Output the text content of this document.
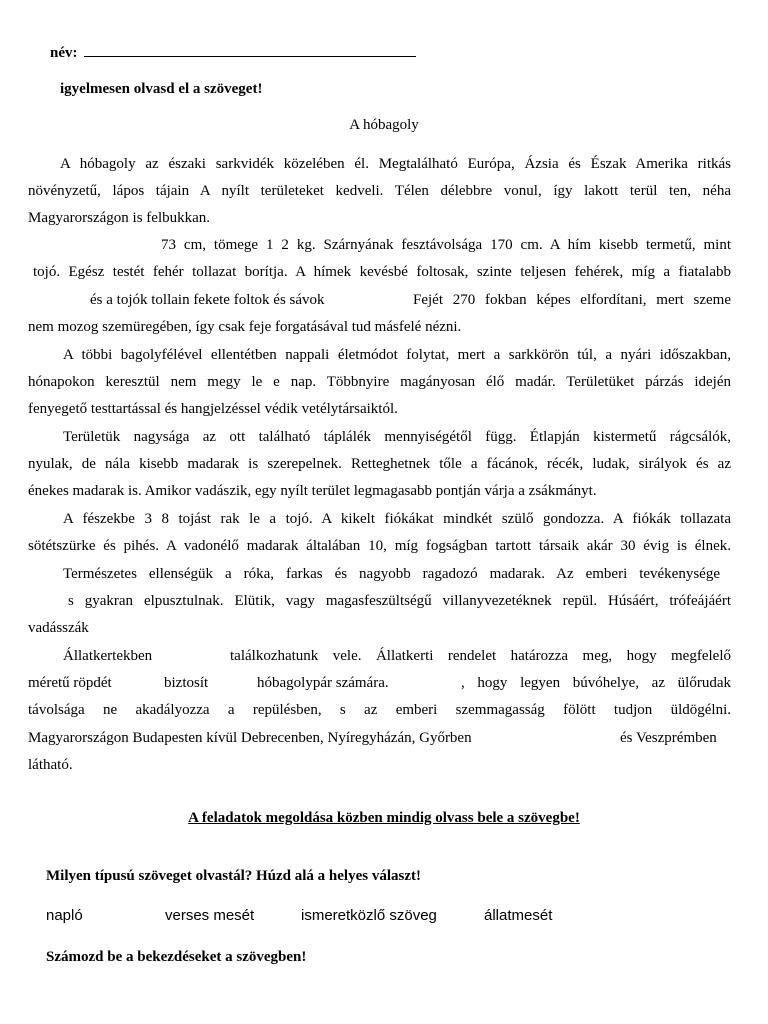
név:
igyelmesen olvasd el a szöveget!
A hóbagoly
A hóbagoly az északi sarkvidék közelében él. Megtalálható Európa, Ázsia és Észak Amerika ritkás
növényzetű, lápos tájain A nyílt területeket kedveli. Télen délebbre vonul, így lakott terül ten, néha
Magyarországon is felbukkan.
73 cm, tömege 1 2 kg. Szárnyának fesztávolsága 170 cm. A hím kisebb termetű, mint
tojó. Egész testét fehér tollazat borítja. A hímek kevésbé foltosak, szinte teljesen fehérek, míg a fiatalabb
és a tojók tollain fekete foltok és sávok	Fejét 270 fokban képes elfordítani, mert szeme
nem mozog szemüregében, így csak feje forgatásával tud másfelé nézni.
A többi bagolyfélével ellentétben nappali életmódot folytat, mert a sarkkörön túl, a nyári időszakban,
hónapokon keresztül nem megy le e nap. Többnyire magányosan élő madár. Területüket párzás idején
fenyegető testtartással és hangjelzéssel védik vetélytársaiktól.
Területük nagysága az ott található táplálék mennyiségétől függ. Étlapján kistermetű rágcsálók,
nyulak, de nála kisebb madarak is szerepelnek. Retteghetnek tőle a fácánok, récék, ludak, sirályok és az
énekes madarak is. Amikor vadászik, egy nyílt terület legmagasabb pontján várja a zsákmányt.
A fészekbe 3 8 tojást rak le a tojó. A kikelt fiókákat mindkét szülő gondozza. A fiókák tollazata
sötétszürke és pihés. A vadonélő madarak általában 10, míg fogságban tartott társaik akár 30 évig is élnek.
Természetes ellenségük a róka, farkas és nagyobb ragadozó madarak. Az emberi tevékenysége
s gyakran elpusztulnak. Elütik, vagy magasfeszültségű villanyvezetéknek repül. Húsáért, trófeájáért
vadásszák
Állatkertekben	találkozhatunk vele. Állatkerti rendelet határozza meg, hogy megfelelő
méretű röpdét	biztosít	hóbagolypár számára.	, hogy legyen búvóhelye, az ülőrudak
távolsága ne akadályozza a repülésben, s az emberi szemmagasság fölött tudjon üldögélni.
Magyarországon Budapesten kívül Debrecenben, Nyíregyházán, Győrben	és Veszprémben
látható.
A feladatok megoldása közben mindig olvass bele a szövegbe!
Milyen típusú szöveget olvastál? Húzd alá a helyes választ!
napló	verses mesét	ismeretközlő szöveg	állatmesét
Számozd be a bekezdéseket a szövegben!
